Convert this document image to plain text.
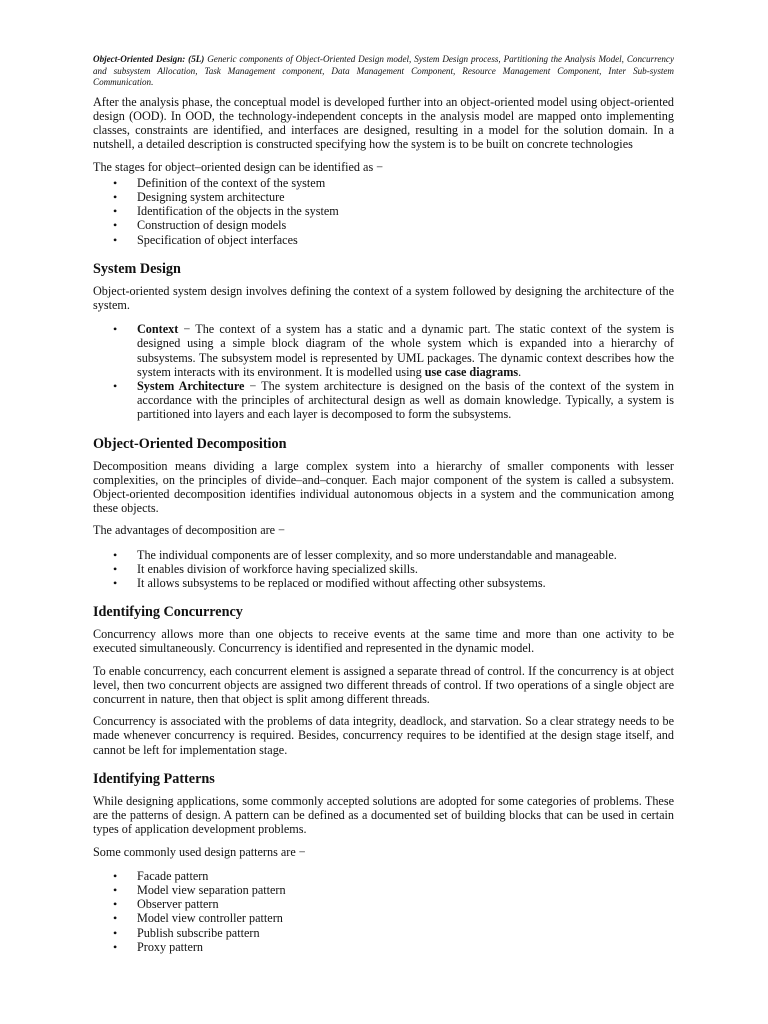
Object-Oriented Design: (5L) Generic components of Object-Oriented Design model, System Design process, Partitioning the Analysis Model, Concurrency and subsystem Allocation, Task Management component, Data Management Component, Resource Management Component, Inter Sub-system Communication.

After the analysis phase, the conceptual model is developed further into an object-oriented model using object-oriented design (OOD). In OOD, the technology-independent concepts in the analysis model are mapped onto implementing classes, constraints are identified, and interfaces are designed, resulting in a model for the solution domain. In a nutshell, a detailed description is constructed specifying how the system is to be built on concrete technologies

The stages for object–oriented design can be identified as −

• Definition of the context of the system
• Designing system architecture
• Identification of the objects in the system
• Construction of design models
• Specification of object interfaces
System Design

Object-oriented system design involves defining the context of a system followed by designing the architecture of the system.

• Context − The context of a system has a static and a dynamic part. The static context of the system is designed using a simple block diagram of the whole system which is expanded into a hierarchy of subsystems. The subsystem model is represented by UML packages. The dynamic context describes how the system interacts with its environment. It is modelled using use case diagrams.
• System Architecture − The system architecture is designed on the basis of the context of the system in accordance with the principles of architectural design as well as domain knowledge. Typically, a system is partitioned into layers and each layer is decomposed to form the subsystems.
Object-Oriented Decomposition

Decomposition means dividing a large complex system into a hierarchy of smaller components with lesser complexities, on the principles of divide–and–conquer. Each major component of the system is called a subsystem. Object-oriented decomposition identifies individual autonomous objects in a system and the communication among these objects.

The advantages of decomposition are −

• The individual components are of lesser complexity, and so more understandable and manageable.
• It enables division of workforce having specialized skills.
• It allows subsystems to be replaced or modified without affecting other subsystems.
Identifying Concurrency

Concurrency allows more than one objects to receive events at the same time and more than one activity to be executed simultaneously. Concurrency is identified and represented in the dynamic model.

To enable concurrency, each concurrent element is assigned a separate thread of control. If the concurrency is at object level, then two concurrent objects are assigned two different threads of control. If two operations of a single object are concurrent in nature, then that object is split among different threads.

Concurrency is associated with the problems of data integrity, deadlock, and starvation. So a clear strategy needs to be made whenever concurrency is required. Besides, concurrency requires to be identified at the design stage itself, and cannot be left for implementation stage.

Identifying Patterns

While designing applications, some commonly accepted solutions are adopted for some categories of problems. These are the patterns of design. A pattern can be defined as a documented set of building blocks that can be used in certain types of application development problems.

Some commonly used design patterns are −

• Facade pattern
• Model view separation pattern
• Observer pattern
• Model view controller pattern
• Publish subscribe pattern
• Proxy pattern
